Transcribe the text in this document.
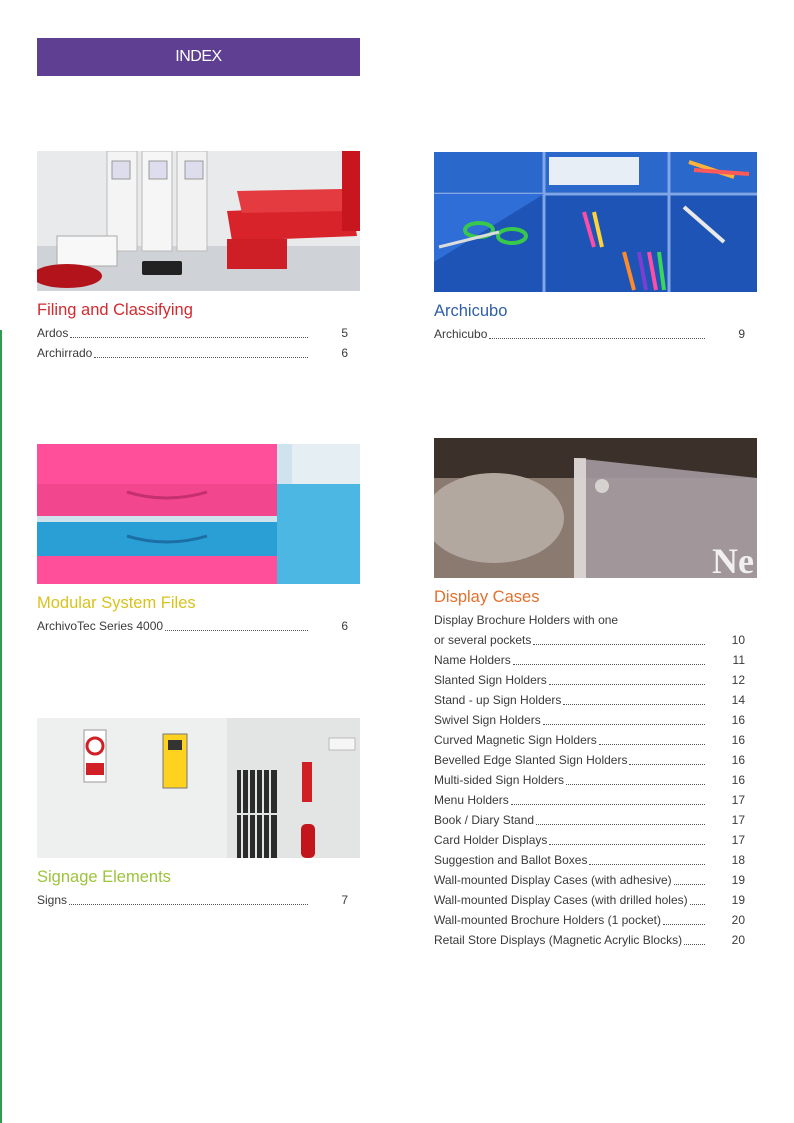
INDEX
Filing and Classifying
Ardos	5
Archirrado	6
Archicubo
Archicubo	9
Modular System Files
ArchivoTec Series 4000	6
Ne
Display Cases
Display Brochure Holders with one
or several pockets	10
Name Holders	11
Slanted Sign Holders	12
Stand - up Sign Holders	14
Swivel Sign Holders	16
Curved Magnetic Sign Holders	16
Bevelled Edge Slanted Sign Holders	16
Multi-sided Sign Holders	16
Menu Holders	17
Book / Diary Stand	17
Card Holder Displays	17
Suggestion and Ballot Boxes	18
Wall-mounted Display Cases (with adhesive)	19
Wall-mounted Display Cases (with drilled holes)	19
Wall-mounted Brochure Holders (1 pocket)	20
Retail Store Displays (Magnetic Acrylic Blocks)	20
Signage Elements
Signs	7
